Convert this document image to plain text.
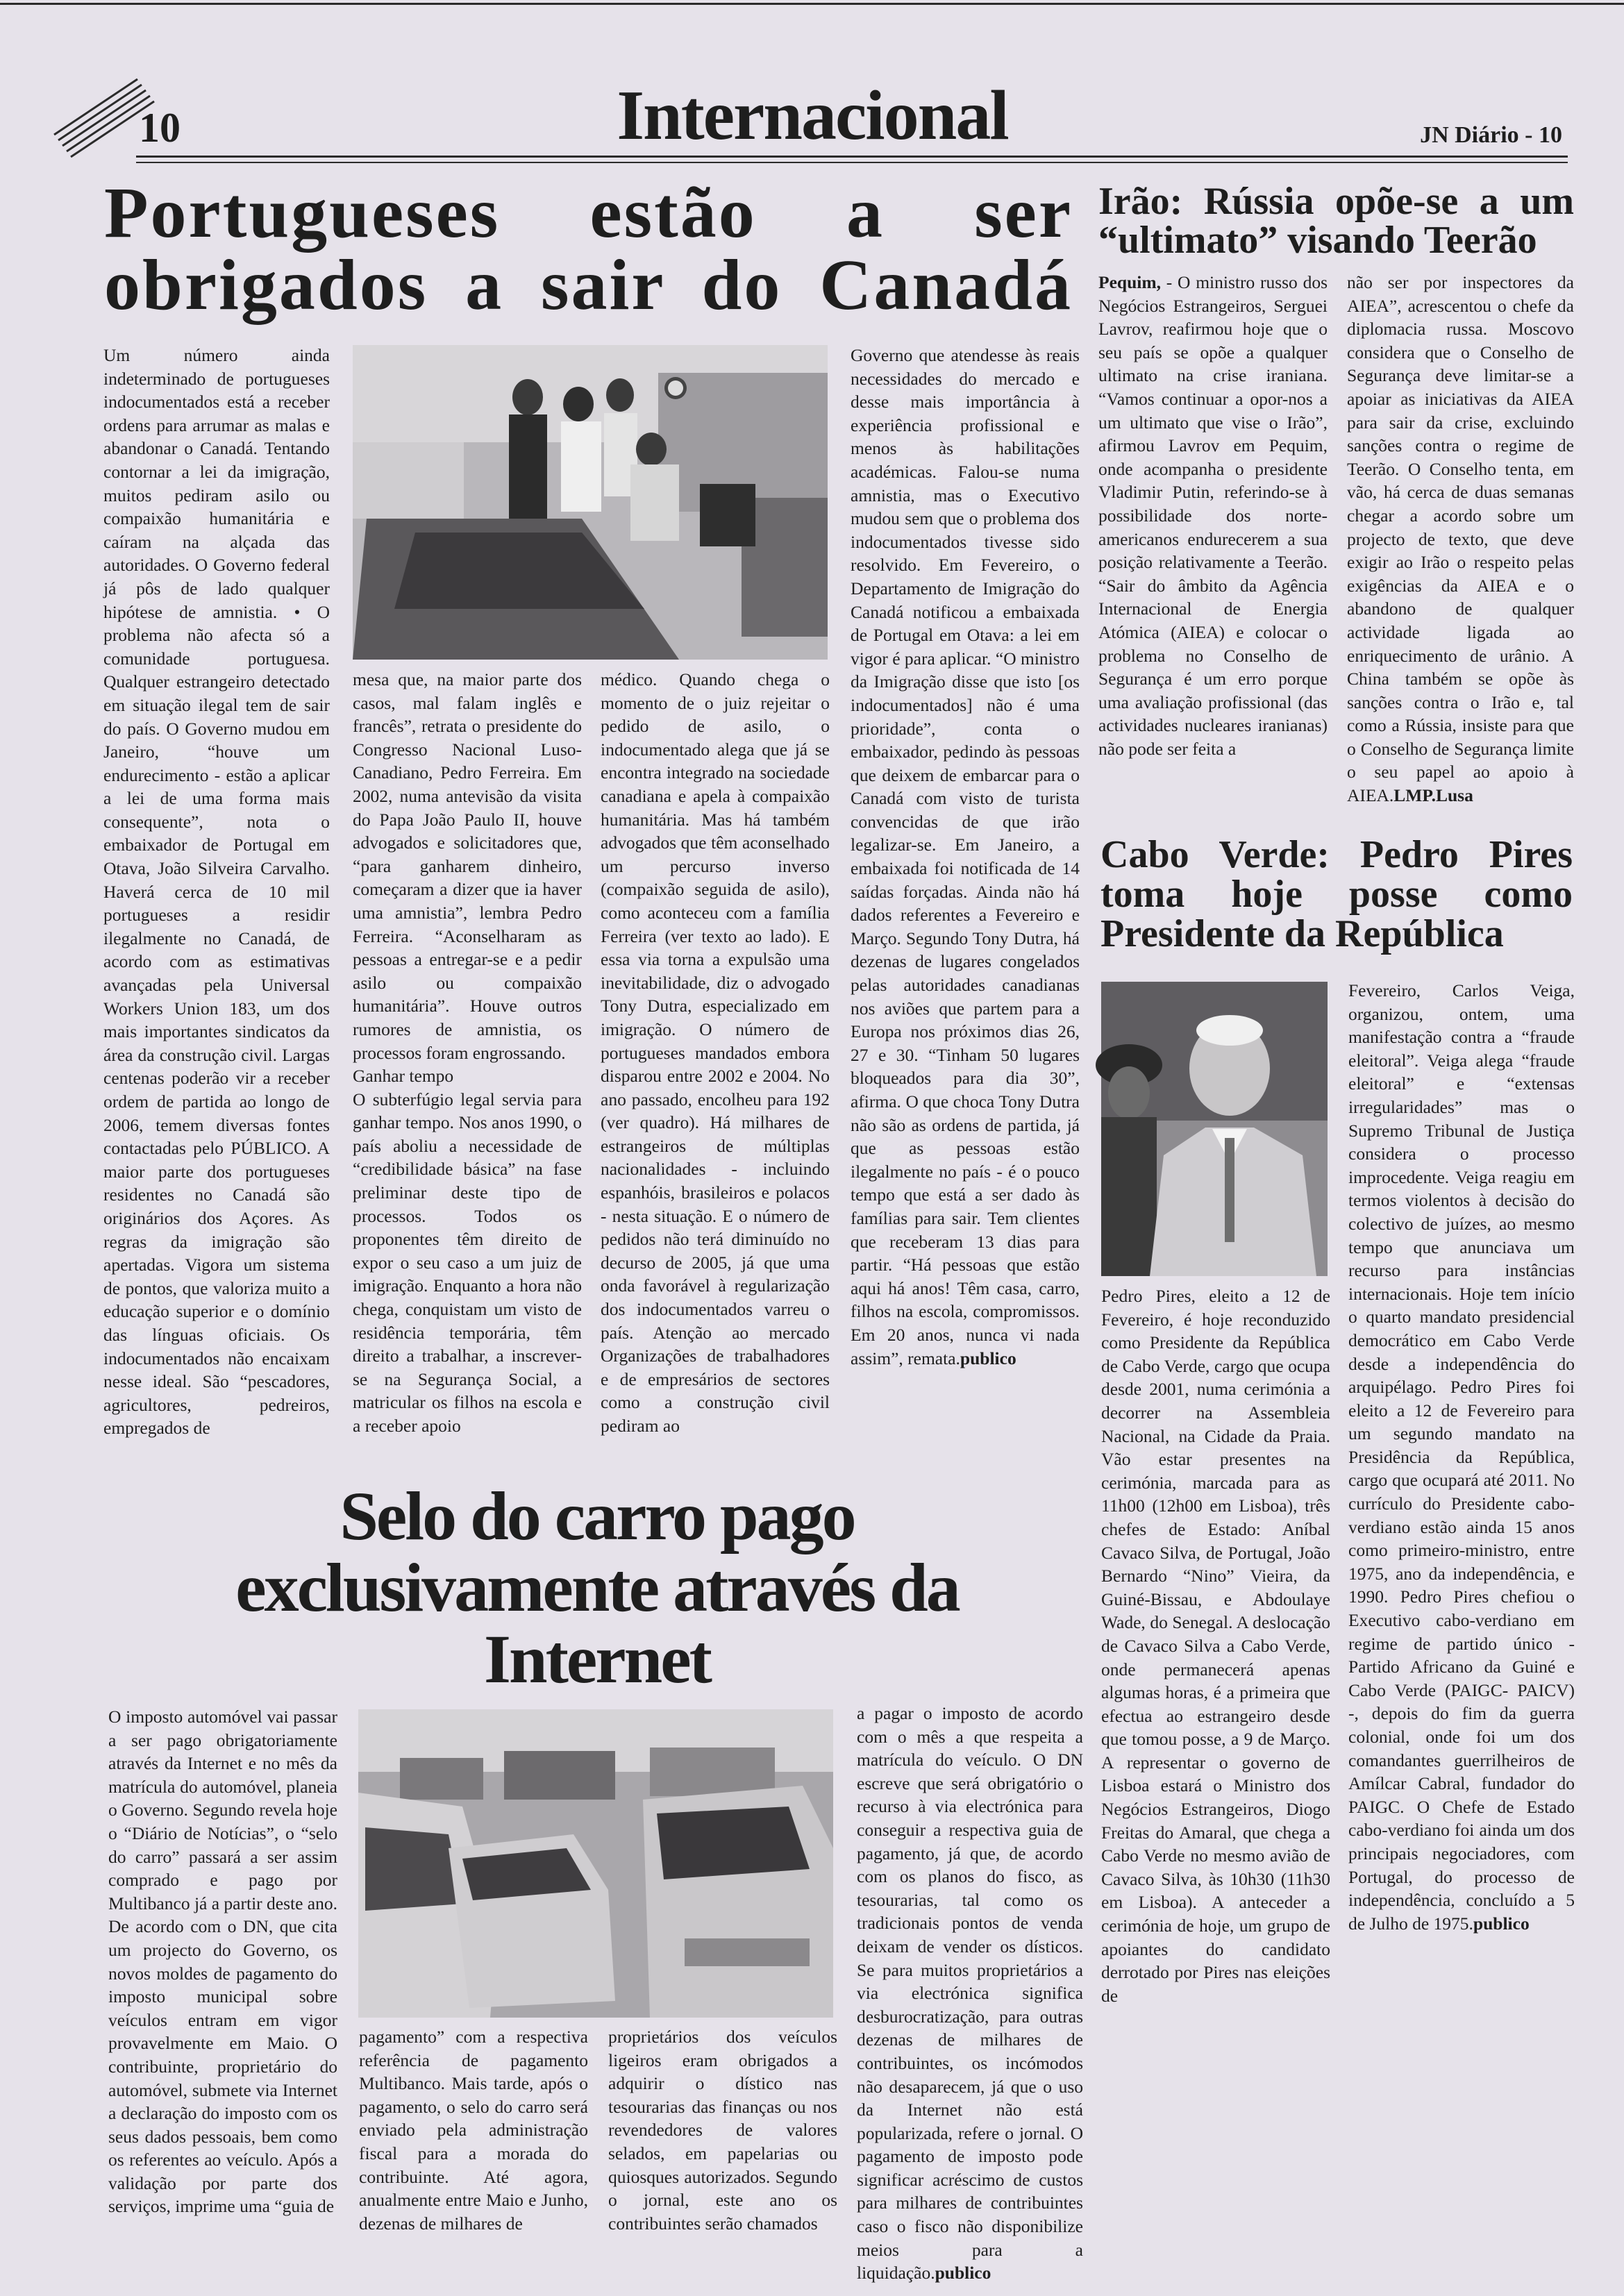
10	Internacional	JN Diário - 10
Portugueses estão a ser obrigados a sair do Canadá

Um número ainda indeterminado de portugueses indocumentados está a receber ordens para arrumar as malas e abandonar o Canadá. Tentando contornar a lei da imigração, muitos pediram asilo ou compaixão humanitária e caíram na alçada das autoridades. O Governo federal já pôs de lado qualquer hipótese de amnistia. • O problema não afecta só a comunidade portuguesa. Qualquer estrangeiro detectado em situação ilegal tem de sair do país. O Governo mudou em Janeiro, “houve um endurecimento - estão a aplicar a lei de uma forma mais consequente”, nota o embaixador de Portugal em Otava, João Silveira Carvalho. Haverá cerca de 10 mil portugueses a residir ilegalmente no Canadá, de acordo com as estimativas avançadas pela Universal Workers Union 183, um dos mais importantes sindicatos da área da construção civil. Largas centenas poderão vir a receber ordem de partida ao longo de 2006, temem diversas fontes contactadas pelo PÚBLICO. A maior parte dos portugueses residentes no Canadá são originários dos Açores. As regras da imigração são apertadas. Vigora um sistema de pontos, que valoriza muito a educação superior e o domínio das línguas oficiais. Os indocumentados não encaixam nesse ideal. São “pescadores, agricultores, pedreiros, empregados de

mesa que, na maior parte dos casos, mal falam inglês e francês”, retrata o presidente do Congresso Nacional Luso-Canadiano, Pedro Ferreira. Em 2002, numa antevisão da visita do Papa João Paulo II, houve advogados e solicitadores que, “para ganharem dinheiro, começaram a dizer que ia haver uma amnistia”, lembra Pedro Ferreira. “Aconselharam as pessoas a entregar-se e a pedir asilo ou compaixão humanitária”. Houve outros rumores de amnistia, os processos foram engrossando.

Ganhar tempo

O subterfúgio legal servia para ganhar tempo. Nos anos 1990, o país aboliu a necessidade de “credibilidade básica” na fase preliminar deste tipo de processos. Todos os proponentes têm direito de expor o seu caso a um juiz de imigração. Enquanto a hora não chega, conquistam um visto de residência temporária, têm direito a trabalhar, a inscrever-se na Segurança Social, a matricular os filhos na escola e a receber apoio

médico. Quando chega o momento de o juiz rejeitar o pedido de asilo, o indocumentado alega que já se encontra integrado na sociedade canadiana e apela à compaixão humanitária. Mas há também advogados que têm aconselhado um percurso inverso (compaixão seguida de asilo), como aconteceu com a família Ferreira (ver texto ao lado). E essa via torna a expulsão uma inevitabilidade, diz o advogado Tony Dutra, especializado em imigração. O número de portugueses mandados embora disparou entre 2002 e 2004. No ano passado, encolheu para 192 (ver quadro). Há milhares de estrangeiros de múltiplas nacionalidades - incluindo espanhóis, brasileiros e polacos - nesta situação. E o número de pedidos não terá diminuído no decurso de 2005, já que uma onda favorável à regularização dos indocumentados varreu o país. Atenção ao mercado Organizações de trabalhadores e de empresários de sectores como a construção civil pediram ao

Governo que atendesse às reais necessidades do mercado e desse mais importância à experiência profissional e menos às habilitações académicas. Falou-se numa amnistia, mas o Executivo mudou sem que o problema dos indocumentados tivesse sido resolvido. Em Fevereiro, o Departamento de Imigração do Canadá notificou a embaixada de Portugal em Otava: a lei em vigor é para aplicar. “O ministro da Imigração disse que isto [os indocumentados] não é uma prioridade”, conta o embaixador, pedindo às pessoas que deixem de embarcar para o Canadá com visto de turista convencidas de que irão legalizar-se. Em Janeiro, a embaixada foi notificada de 14 saídas forçadas. Ainda não há dados referentes a Fevereiro e Março. Segundo Tony Dutra, há dezenas de lugares congelados pelas autoridades canadianas nos aviões que partem para a Europa nos próximos dias 26, 27 e 30. “Tinham 50 lugares bloqueados para dia 30”, afirma. O que choca Tony Dutra não são as ordens de partida, já que as pessoas estão ilegalmente no país - é o pouco tempo que está a ser dado às famílias para sair. Tem clientes que receberam 13 dias para partir. “Há pessoas que estão aqui há anos! Têm casa, carro, filhos na escola, compromissos. Em 20 anos, nunca vi nada assim”, remata.publico

Irão: Rússia opõe-se a um “ultimato” visando Teerão

Pequim, - O ministro russo dos Negócios Estrangeiros, Serguei Lavrov, reafirmou hoje que o seu país se opõe a qualquer ultimato na crise iraniana. “Vamos continuar a opor-nos a um ultimato que vise o Irão”, afirmou Lavrov em Pequim, onde acompanha o presidente Vladimir Putin, referindo-se à possibilidade dos norte-americanos endurecerem a sua posição relativamente a Teerão. “Sair do âmbito da Agência Internacional de Energia Atómica (AIEA) e colocar o problema no Conselho de Segurança é um erro porque uma avaliação profissional (das actividades nucleares iranianas) não pode ser feita a

não ser por inspectores da AIEA”, acrescentou o chefe da diplomacia russa. Moscovo considera que o Conselho de Segurança deve limitar-se a apoiar as iniciativas da AIEA para sair da crise, excluindo sanções contra o regime de Teerão. O Conselho tenta, em vão, há cerca de duas semanas chegar a acordo sobre um projecto de texto, que deve exigir ao Irão o respeito pelas exigências da AIEA e o abandono de qualquer actividade ligada ao enriquecimento de urânio. A China também se opõe às sanções contra o Irão e, tal como a Rússia, insiste para que o Conselho de Segurança limite o seu papel ao apoio à AIEA.LMP.Lusa

Cabo Verde: Pedro Pires toma hoje posse como Presidente da República

Pedro Pires, eleito a 12 de Fevereiro, é hoje reconduzido como Presidente da República de Cabo Verde, cargo que ocupa desde 2001, numa cerimónia a decorrer na Assembleia Nacional, na Cidade da Praia. Vão estar presentes na cerimónia, marcada para as 11h00 (12h00 em Lisboa), três chefes de Estado: Aníbal Cavaco Silva, de Portugal, João Bernardo “Nino” Vieira, da Guiné-Bissau, e Abdoulaye Wade, do Senegal. A deslocação de Cavaco Silva a Cabo Verde, onde permanecerá apenas algumas horas, é a primeira que efectua ao estrangeiro desde que tomou posse, a 9 de Março. A representar o governo de Lisboa estará o Ministro dos Negócios Estrangeiros, Diogo Freitas do Amaral, que chega a Cabo Verde no mesmo avião de Cavaco Silva, às 10h30 (11h30 em Lisboa). A anteceder a cerimónia de hoje, um grupo de apoiantes do candidato derrotado por Pires nas eleições de

Fevereiro, Carlos Veiga, organizou, ontem, uma manifestação contra a “fraude eleitoral”. Veiga alega “fraude eleitoral” e “extensas irregularidades” mas o Supremo Tribunal de Justiça considera o processo improcedente. Veiga reagiu em termos violentos à decisão do colectivo de juízes, ao mesmo tempo que anunciava um recurso para instâncias internacionais. Hoje tem início o quarto mandato presidencial democrático em Cabo Verde desde a independência do arquipélago. Pedro Pires foi eleito a 12 de Fevereiro para um segundo mandato na Presidência da República, cargo que ocupará até 2011. No currículo do Presidente cabo-verdiano estão ainda 15 anos como primeiro-ministro, entre 1975, ano da independência, e 1990. Pedro Pires chefiou o Executivo cabo-verdiano em regime de partido único - Partido Africano da Guiné e Cabo Verde (PAIGC- PAICV) -, depois do fim da guerra colonial, onde foi um dos comandantes guerrilheiros de Amílcar Cabral, fundador do PAIGC. O Chefe de Estado cabo-verdiano foi ainda um dos principais negociadores, com Portugal, do processo de independência, concluído a 5 de Julho de 1975.publico

Selo do carro pago exclusivamente através da Internet

O imposto automóvel vai passar a ser pago obrigatoriamente através da Internet e no mês da matrícula do automóvel, planeia o Governo. Segundo revela hoje o “Diário de Notícias”, o “selo do carro” passará a ser assim comprado e pago por Multibanco já a partir deste ano. De acordo com o DN, que cita um projecto do Governo, os novos moldes de pagamento do imposto municipal sobre veículos entram em vigor provavelmente em Maio. O contribuinte, proprietário do automóvel, submete via Internet a declaração do imposto com os seus dados pessoais, bem como os referentes ao veículo. Após a validação por parte dos serviços, imprime uma “guia de

pagamento” com a respectiva referência de pagamento Multibanco. Mais tarde, após o pagamento, o selo do carro será enviado pela administração fiscal para a morada do contribuinte. Até agora, anualmente entre Maio e Junho, dezenas de milhares de

proprietários dos veículos ligeiros eram obrigados a adquirir o dístico nas tesourarias das finanças ou nos revendedores de valores selados, em papelarias ou quiosques autorizados. Segundo o jornal, este ano os contribuintes serão chamados

a pagar o imposto de acordo com o mês a que respeita a matrícula do veículo. O DN escreve que será obrigatório o recurso à via electrónica para conseguir a respectiva guia de pagamento, já que, de acordo com os planos do fisco, as tesourarias, tal como os tradicionais pontos de venda deixam de vender os dísticos. Se para muitos proprietários a via electrónica significa desburocratização, para outras dezenas de milhares de contribuintes, os incómodos não desaparecem, já que o uso da Internet não está popularizada, refere o jornal. O pagamento de imposto pode significar acréscimo de custos para milhares de contribuintes caso o fisco não disponibilize meios para a liquidação.publico
